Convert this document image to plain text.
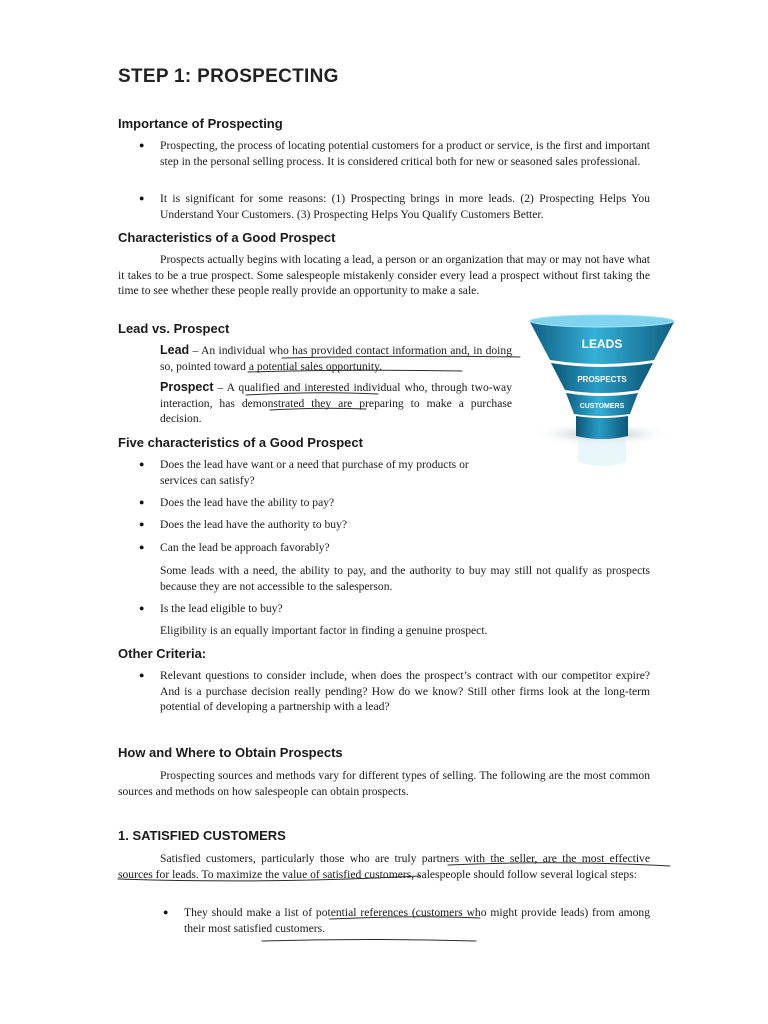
STEP 1: PROSPECTING
Importance of Prospecting

● Prospecting, the process of locating potential customers for a product or service, is the first and important step in the personal selling process. It is considered critical both for new or seasoned sales professional.

● It is significant for some reasons: (1) Prospecting brings in more leads. (2) Prospecting Helps You Understand Your Customers. (3) Prospecting Helps You Qualify Customers Better.

Characteristics of a Good Prospect

Prospects actually begins with locating a lead, a person or an organization that may or may not have what it takes to be a true prospect. Some salespeople mistakenly consider every lead a prospect without first taking the time to see whether these people really provide an opportunity to make a sale.

Lead vs. Prospect

Lead – An individual who has provided contact information and, in doing so, pointed toward a potential sales opportunity.

Prospect – A qualified and interested individual who, through two-way interaction, has demonstrated they are preparing to make a purchase decision.

LEADS
PROSPECTS
CUSTOMERS
Five characteristics of a Good Prospect

● Does the lead have want or a need that purchase of my products or services can satisfy?

● Does the lead have the ability to pay?

● Does the lead have the authority to buy?

● Can the lead be approach favorably?

Some leads with a need, the ability to pay, and the authority to buy may still not qualify as prospects because they are not accessible to the salesperson.

● Is the lead eligible to buy?

Eligibility is an equally important factor in finding a genuine prospect.

Other Criteria:

● Relevant questions to consider include, when does the prospect’s contract with our competitor expire? And is a purchase decision really pending? How do we know? Still other firms look at the long-term potential of developing a partnership with a lead?

How and Where to Obtain Prospects

Prospecting sources and methods vary for different types of selling. The following are the most common sources and methods on how salespeople can obtain prospects.

1. SATISFIED CUSTOMERS

Satisfied customers, particularly those who are truly partners with the seller, are the most effective sources for leads. To maximize the value of satisfied customers, salespeople should follow several logical steps:

● They should make a list of potential references (customers who might provide leads) from among their most satisfied customers.
